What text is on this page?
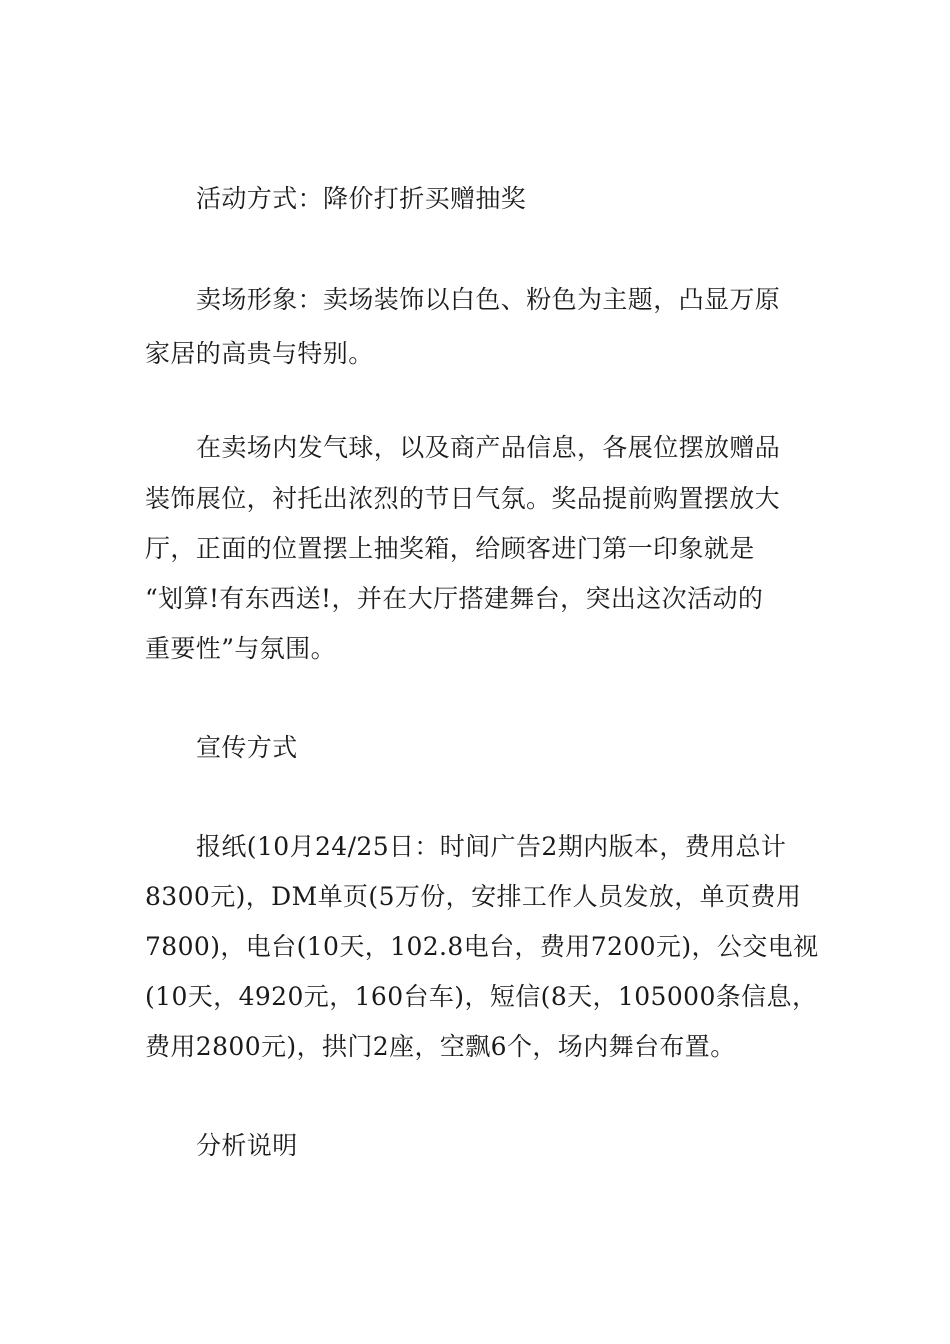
活动方式：降价打折买赠抽奖
卖场形象：卖场装饰以白色、粉色为主题，凸显万原
家居的高贵与特别。
在卖场内发气球，以及商产品信息，各展位摆放赠品
装饰展位，衬托出浓烈的节日气氛。奖品提前购置摆放大
厅，正面的位置摆上抽奖箱，给顾客进门第一印象就是
“划算!有东西送!，并在大厅搭建舞台，突出这次活动的
重要性”与氛围。
宣传方式
报纸(10月24/25日：时间广告2期内版本，费用总计
8300元)，DM单页(5万份，安排工作人员发放，单页费用
7800)，电台(10天，102.8电台，费用7200元)，公交电视
(10天，4920元，160台车)，短信(8天，105000条信息，
费用2800元)，拱门2座，空飘6个，场内舞台布置。
分析说明
